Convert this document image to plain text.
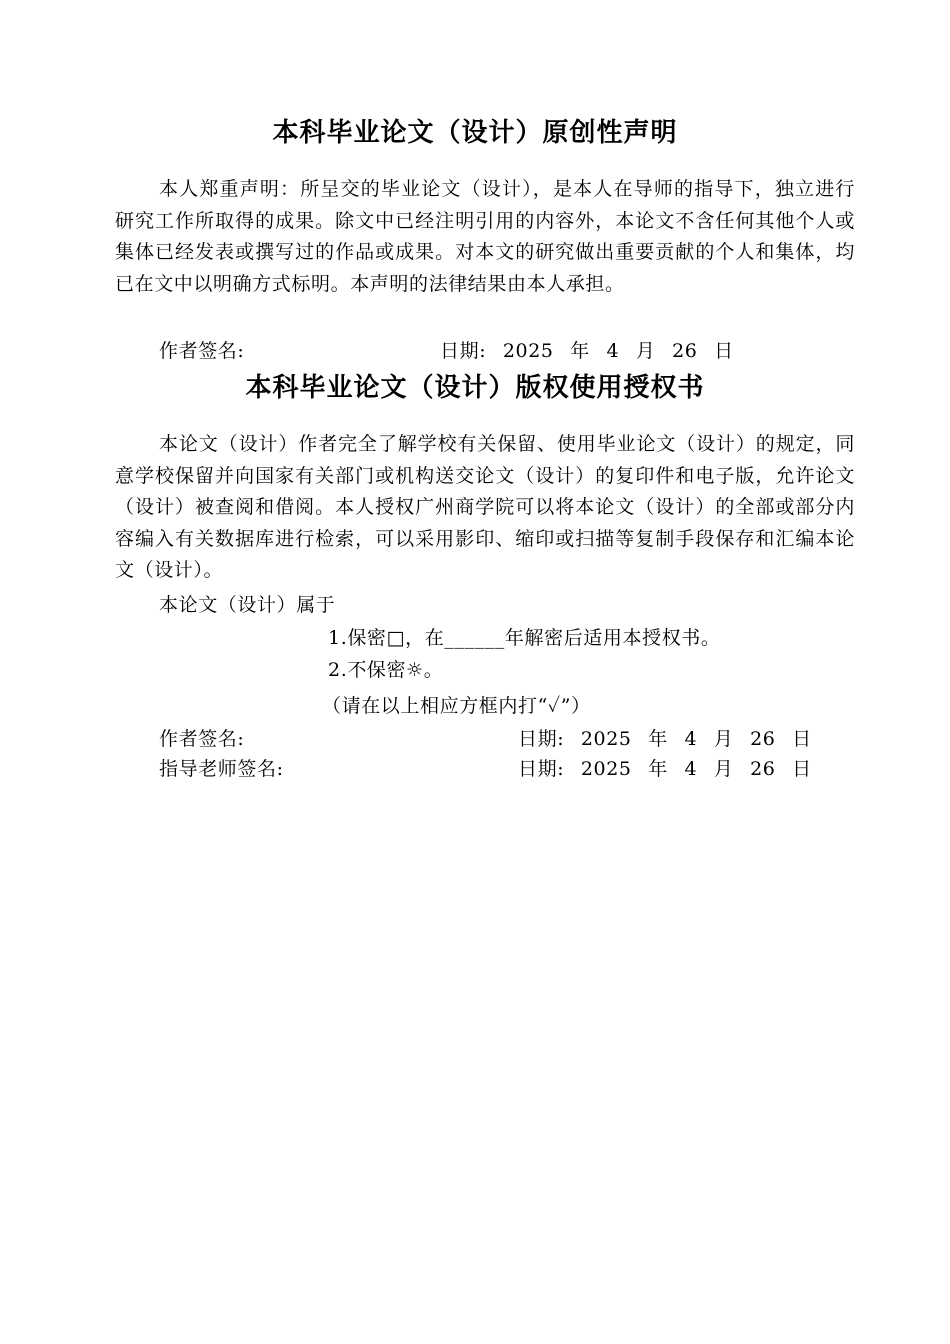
本科毕业论文（设计）原创性声明
本人郑重声明：所呈交的毕业论文（设计），是本人在导师的指导下，独立进行研究工作所取得的成果。除文中已经注明引用的内容外，本论文不含任何其他个人或集体已经发表或撰写过的作品或成果。对本文的研究做出重要贡献的个人和集体，均已在文中以明确方式标明。本声明的法律结果由本人承担。
作者签名:	日期: 2025 年 4 月 26 日
本科毕业论文（设计）版权使用授权书
本论文（设计）作者完全了解学校有关保留、使用毕业论文（设计）的规定，同意学校保留并向国家有关部门或机构送交论文（设计）的复印件和电子版，允许论文（设计）被查阅和借阅。本人授权广州商学院可以将本论文（设计）的全部或部分内容编入有关数据库进行检索，可以采用影印、缩印或扫描等复制手段保存和汇编本论文（设计）。
本论文（设计）属于
1.保密□，在______年解密后适用本授权书。
2.不保密☼。
（请在以上相应方框内打“✓”）
作者签名:	日期: 2025 年 4 月 26 日
指导老师签名:	日期: 2025 年 4 月 26 日
